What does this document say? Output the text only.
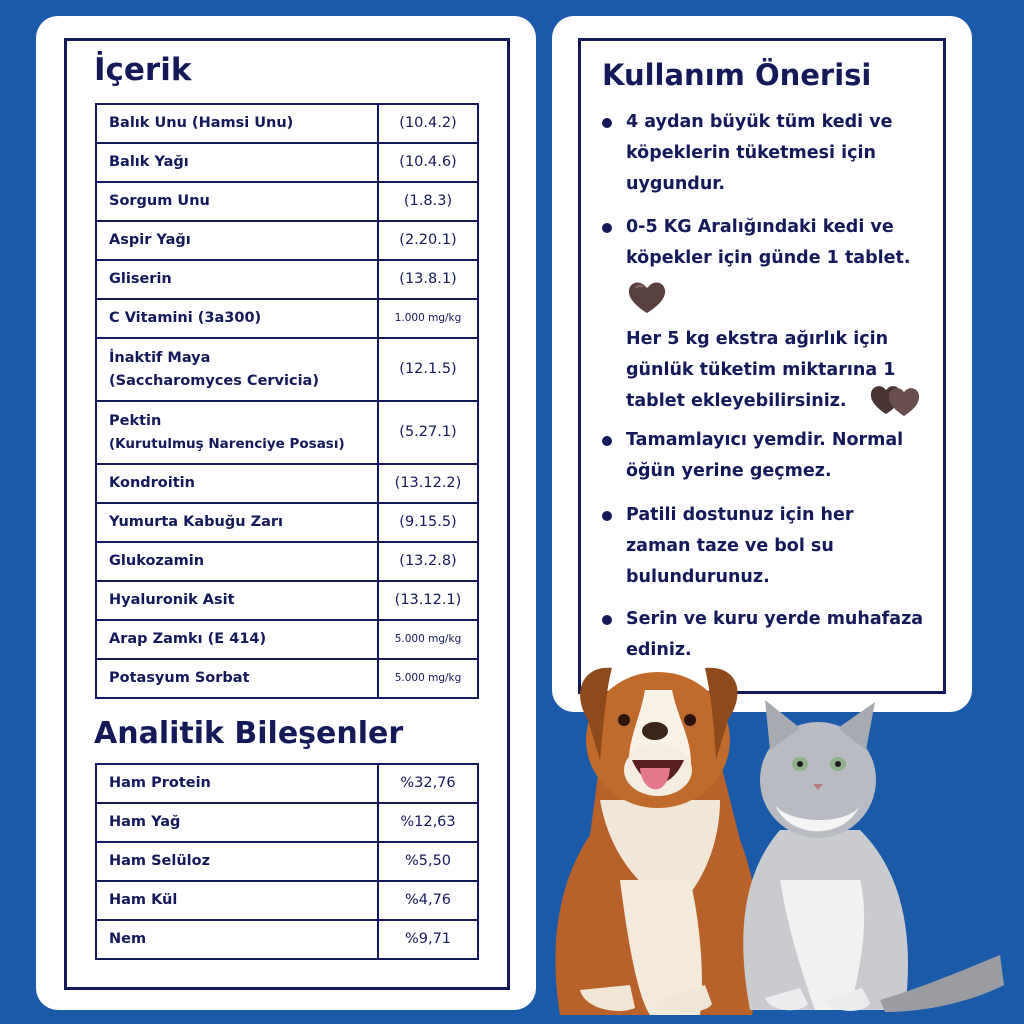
İçerik
Balık Unu (Hamsi Unu)	(10.4.2)
Balık Yağı	(10.4.6)
Sorgum Unu	(1.8.3)
Aspir Yağı	(2.20.1)
Gliserin	(13.8.1)
C Vitamini (3a300)	1.000 mg/kg
İnaktif Maya
(Saccharomyces Cervicia)	(12.1.5)
Pektin
(Kurutulmuş Narenciye Posası)	(5.27.1)
Kondroitin	(13.12.2)
Yumurta Kabuğu Zarı	(9.15.5)
Glukozamin	(13.2.8)
Hyaluronik Asit	(13.12.1)
Arap Zamkı (E 414)	5.000 mg/kg
Potasyum Sorbat	5.000 mg/kg
Analitik Bileşenler
Ham Protein	%32,76
Ham Yağ	%12,63
Ham Selüloz	%5,50
Ham Kül	%4,76
Nem	%9,71
Kullanım Önerisi
4 aydan büyük tüm kedi ve köpeklerin tüketmesi için uygundur.
0-5 KG Aralığındaki kedi ve köpekler için günde 1 tablet.
Her 5 kg ekstra ağırlık için günlük tüketim miktarına 1 tablet ekleyebilirsiniz.
Tamamlayıcı yemdir. Normal öğün yerine geçmez.
Patili dostunuz için her zaman taze ve bol su bulundurunuz.
Serin ve kuru yerde muhafaza ediniz.
